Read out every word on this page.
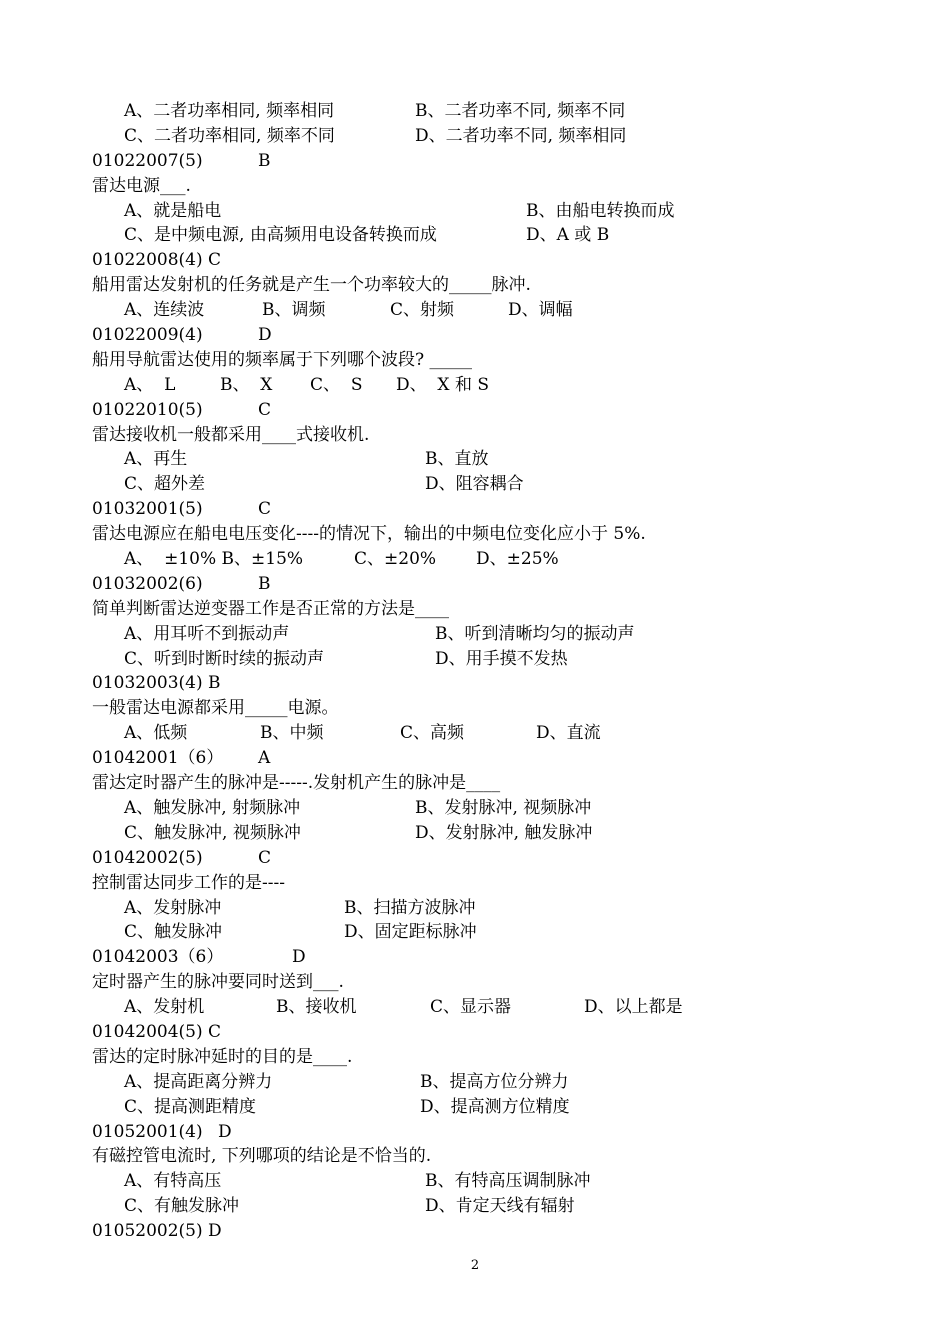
A、二者功率相同, 频率相同	B、二者功率不同, 频率不同
C、二者功率相同, 频率不同	D、二者功率不同, 频率相同
01022007(5)	B
雷达电源___.
A、就是船电	B、由船电转换而成
C、是中频电源, 由高频用电设备转换而成	D、A 或 B
01022008(4) C
船用雷达发射机的任务就是产生一个功率较大的_____脉冲.
A、连续波	B、调频	C、射频	D、调幅
01022009(4)	D
船用导航雷达使用的频率属于下列哪个波段? _____
A、  L	B、  X C、  S D、  X 和 S
01022010(5)	C
雷达接收机一般都采用____式接收机.
A、再生	B、直放
C、超外差	D、阻容耦合
01032001(5)	C
雷达电源应在船电电压变化----的情况下，输出的中频电位变化应小于 5%.
A、  ±10% B、±15%	C、±20% D、±25%
01032002(6)	B
简单判断雷达逆变器工作是否正常的方法是____
A、用耳听不到振动声	B、听到清晰均匀的振动声
C、听到时断时续的振动声	D、用手摸不发热
01032003(4) B
一般雷达电源都采用_____电源。
A、低频	B、中频	C、高频	D、直流
01042001（6） A
雷达定时器产生的脉冲是-----.发射机产生的脉冲是____
A、触发脉冲, 射频脉冲	B、发射脉冲, 视频脉冲
C、触发脉冲, 视频脉冲	D、发射脉冲, 触发脉冲
01042002(5)	C
控制雷达同步工作的是----
A、发射脉冲	B、扫描方波脉冲
C、触发脉冲	D、固定距标脉冲
01042003（6）	D
定时器产生的脉冲要同时送到___.
A、发射机	B、接收机	C、显示器	D、以上都是
01042004(5) C
雷达的定时脉冲延时的目的是____.
A、提高距离分辨力	B、提高方位分辨力
C、提高测距精度	D、提高测方位精度
01052001(4) D
有磁控管电流时, 下列哪项的结论是不恰当的.
A、有特高压	B、有特高压调制脉冲
C、有触发脉冲	D、肯定天线有辐射
01052002(5) D
2
